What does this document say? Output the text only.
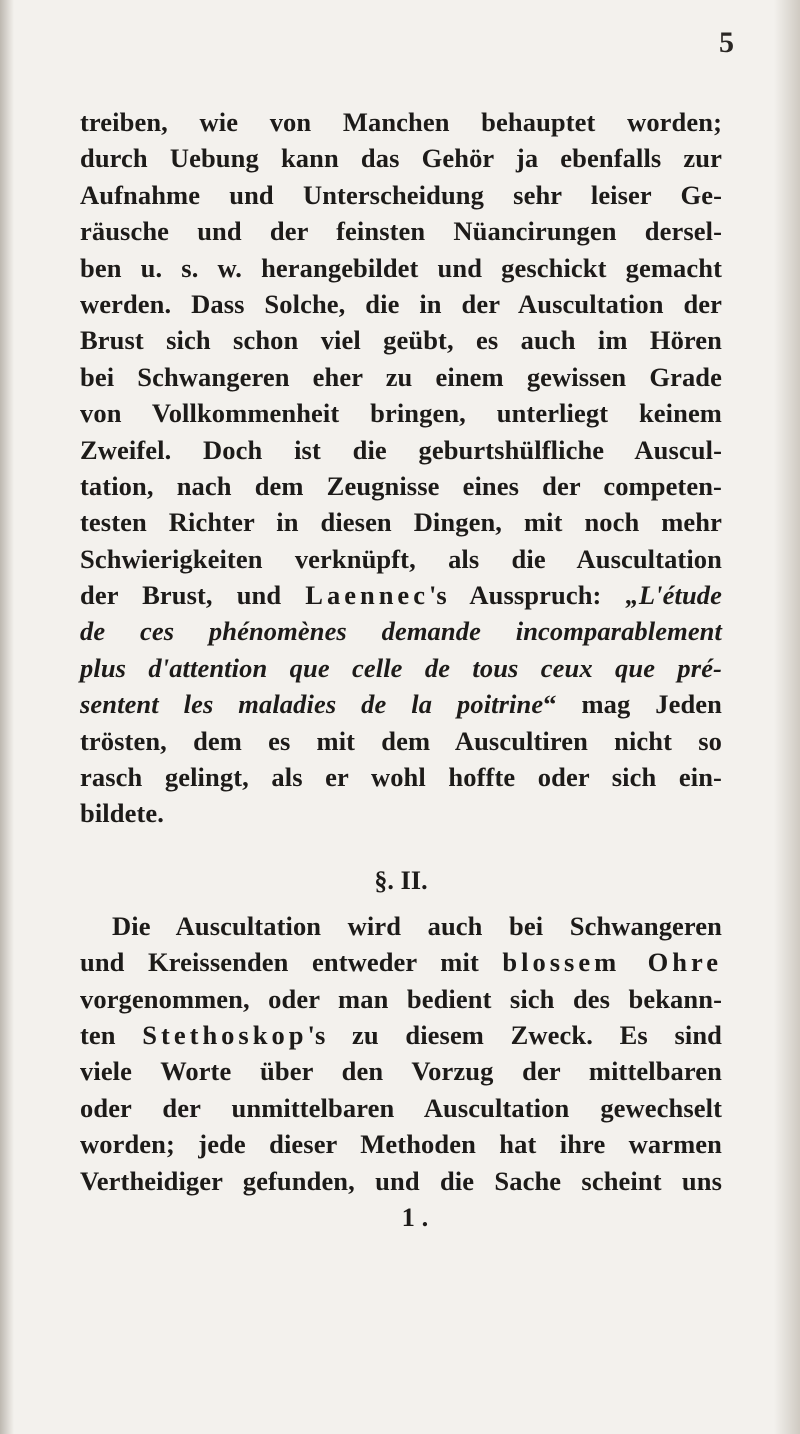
5
treiben, wie von Manchen behauptet worden;
durch Uebung kann das Gehör ja ebenfalls zur
Aufnahme und Unterscheidung sehr leiser Ge-
räusche und der feinsten Nüancirungen dersel-
ben u. s. w. herangebildet und geschickt gemacht
werden. Dass Solche, die in der Auscultation der
Brust sich schon viel geübt, es auch im Hören
bei Schwangeren eher zu einem gewissen Grade
von Vollkommenheit bringen, unterliegt keinem
Zweifel. Doch ist die geburtshülfliche Auscul-
tation, nach dem Zeugnisse eines der competen-
testen Richter in diesen Dingen, mit noch mehr
Schwierigkeiten verknüpft, als die Auscultation
der Brust, und Laennec's Ausspruch: „L'étude
de ces phénomènes demande incomparablement
plus d'attention que celle de tous ceux que pré-
sentent les maladies de la poitrine“ mag Jeden
trösten, dem es mit dem Auscultiren nicht so
rasch gelingt, als er wohl hoffte oder sich ein-
bildete.
§. II.
Die Auscultation wird auch bei Schwangeren
und Kreissenden entweder mit blossem Ohre
vorgenommen, oder man bedient sich des bekann-
ten Stethoskop's zu diesem Zweck. Es sind
viele Worte über den Vorzug der mittelbaren
oder der unmittelbaren Auscultation gewechselt
worden; jede dieser Methoden hat ihre warmen
Vertheidiger gefunden, und die Sache scheint uns
1 .
